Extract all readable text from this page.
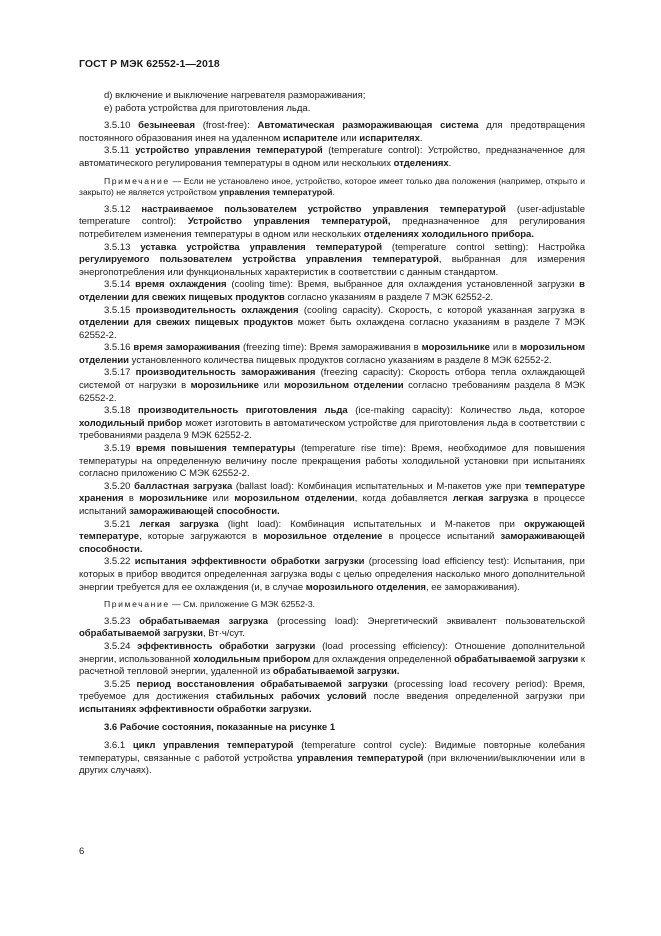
ГОСТ Р МЭК 62552-1—2018

d) включение и выключение нагревателя размораживания;

e) работа устройства для приготовления льда.

3.5.10 безынеевая (frost-free): Автоматическая размораживающая система для предотвращения постоянного образования инея на удаленном испарителе или испарителях.

3.5.11 устройство управления температурой (temperature control): Устройство, предназначенное для автоматического регулирования температуры в одном или нескольких отделениях.

Примечание — Если не установлено иное, устройство, которое имеет только два положения (например, открыто и закрыто) не является устройством управления температурой.

3.5.12 настраиваемое пользователем устройство управления температурой (user-adjustable temperature control): Устройство управления температурой, предназначенное для регулирования потребителем изменения температуры в одном или нескольких отделениях холодильного прибора.

3.5.13 уставка устройства управления температурой (temperature control setting): Настройка регулируемого пользователем устройства управления температурой, выбранная для измерения энергопотребления или функциональных характеристик в соответствии с данным стандартом.

3.5.14 время охлаждения (cooling time): Время, выбранное для охлаждения установленной загрузки в отделении для свежих пищевых продуктов согласно указаниям в разделе 7 МЭК 62552-2.

3.5.15 производительность охлаждения (cooling capacity). Скорость, с которой указанная загрузка в отделении для свежих пищевых продуктов может быть охлаждена согласно указаниям в разделе 7 МЭК 62552-2.

3.5.16 время замораживания (freezing time): Время замораживания в морозильнике или в морозильном отделении установленного количества пищевых продуктов согласно указаниям в разделе 8 МЭК 62552-2.

3.5.17 производительность замораживания (freezing capacity): Скорость отбора тепла охлаждающей системой от нагрузки в морозильнике или морозильном отделении согласно требованиям раздела 8 МЭК 62552-2.

3.5.18 производительность приготовления льда (ice-making capacity): Количество льда, которое холодильный прибор может изготовить в автоматическом устройстве для приготовления льда в соответствии с требованиями раздела 9 МЭК 62552-2.

3.5.19 время повышения температуры (temperature rise time): Время, необходимое для повышения температуры на определенную величину после прекращения работы холодильной установки при испытаниях согласно приложению С МЭК 62552-2.

3.5.20 балластная загрузка (ballast load): Комбинация испытательных и М-пакетов уже при температуре хранения в морозильнике или морозильном отделении, когда добавляется легкая загрузка в процессе испытаний замораживающей способности.

3.5.21 легкая загрузка (light load): Комбинация испытательных и М-пакетов при окружающей температуре, которые загружаются в морозильное отделение в процессе испытаний замораживающей способности.

3.5.22 испытания эффективности обработки загрузки (processing load efficiency test): Испытания, при которых в прибор вводится определенная загрузка воды с целью определения насколько много дополнительной энергии требуется для ее охлаждения (и, в случае морозильного отделения, ее замораживания).

Примечание — См. приложение G МЭК 62552-3.

3.5.23 обрабатываемая загрузка (processing load): Энергетический эквивалент пользовательской обрабатываемой загрузки, Вт·ч/сут.

3.5.24 эффективность обработки загрузки (load processing efficiency): Отношение дополнительной энергии, использованной холодильным прибором для охлаждения определенной обрабатываемой загрузки к расчетной тепловой энергии, удаленной из обрабатываемой загрузки.

3.5.25 период восстановления обрабатываемой загрузки (processing load recovery period): Время, требуемое для достижения стабильных рабочих условий после введения определенной загрузки при испытаниях эффективности обработки загрузки.

3.6 Рабочие состояния, показанные на рисунке 1

3.6.1 цикл управления температурой (temperature control cycle): Видимые повторные колебания температуры, связанные с работой устройства управления температурой (при включении/выключении или в других случаях).

6
